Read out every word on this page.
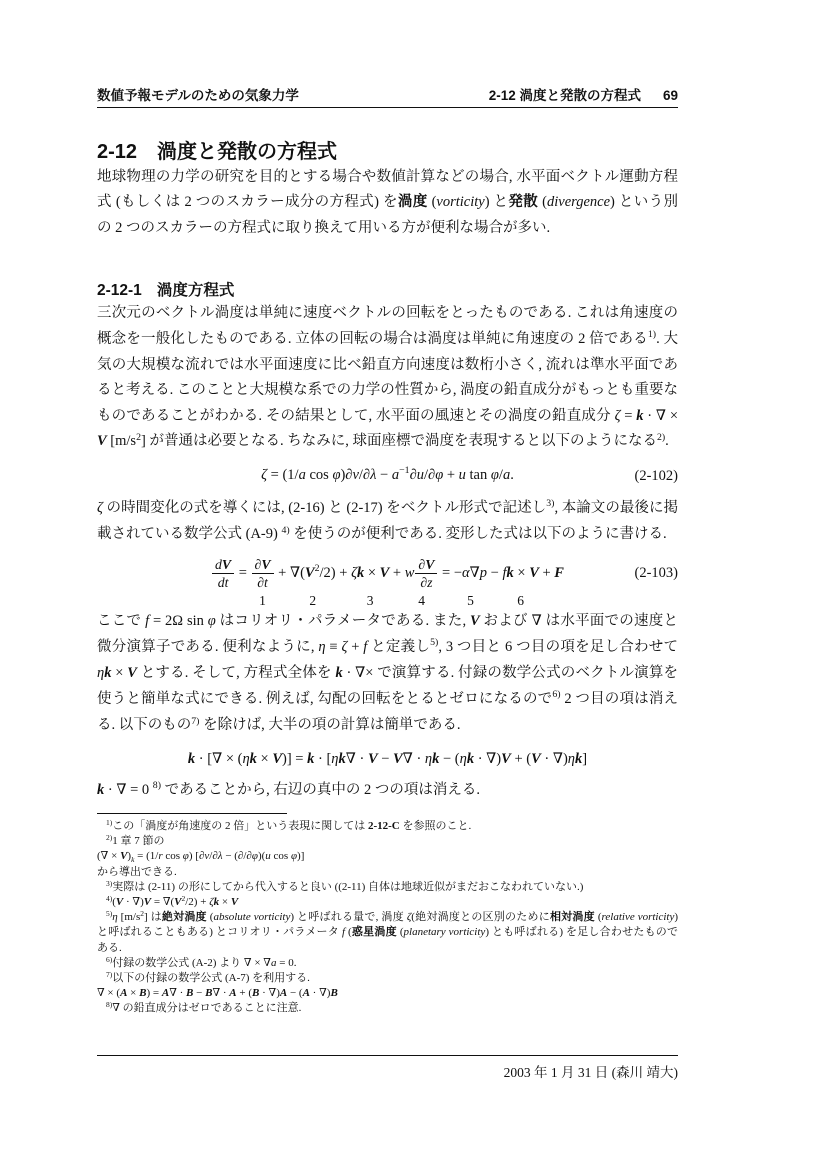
数値予報モデルのための気象力学	2-12 渦度と発散の方程式 69
2-12 渦度と発散の方程式

地球物理の力学の研究を目的とする場合や数値計算などの場合, 水平面ベクトル運動方程式 (もしくは 2 つのスカラー成分の方程式) を渦度 (vorticity) と発散 (divergence) という別の 2 つのスカラーの方程式に取り換えて用いる方が便利な場合が多い.

2-12-1 渦度方程式

三次元のベクトル渦度は単純に速度ベクトルの回転をとったものである. これは角速度の概念を一般化したものである. 立体の回転の場合は渦度は単純に角速度の 2 倍である$^{1)}$. 大気の大規模な流れでは水平面速度に比べ鉛直方向速度は数桁小さく, 流れは準水平面であると考える. このことと大規模な系での力学の性質から, 渦度の鉛直成分がもっとも重要なものであることがわかる. その結果として, 水平面の風速とその渦度の鉛直成分 ζ = k · ∇ × V $[m/s^2]$ が普通は必要となる. ちなみに, 球面座標で渦度を表現すると以下のようになる$^{2)}$.

ζ = (1/a $\cos \varphi)\partial v/\partial\lambda - a^{-1}\partial u/\partial\varphi + u$ tan φ/a.	(2-102)

ζ の時間変化の式を導くには, (2-16) と (2-17) をベクトル形式で記述し$^{3)}$, 本論文の最後に掲載されている数学公式 (A-9) $^{4)}$ を使うのが便利である. 変形した式は以下のように書ける.

(2-103)
$\frac{dV}{dt} = \frac{\partial V}{\partial t}$
1
+ ∇( V 2 /2)
2
+ ζ k × V
3
+ w $\frac{\partial V}{\partial z}$
4
= − α ∇ p
5
− f k × V
6
+ F

ここで f = 2Ω sin φ はコリオリ・パラメータである. また, V および ∇ は水平面での速度と微分演算子である. 便利なように, η ≡ ζ + f と定義し$^{5)}$, 3 つ目と 6 つ目の項を足し合わせて ηk × V とする. そして, 方程式全体を k · ∇× で演算する. 付録の数学公式のベクトル演算を使うと簡単な式にできる. 例えば, 勾配の回転をとるとゼロになるので$^{6)}$ 2 つ目の項は消える. 以下のもの$^{7)}$ を除けば, 大半の項の計算は簡単である.

k · [∇ × (ηk × V)] = k · [ηk∇ · V − V∇ · ηk − (ηk · ∇)V + (V · ∇)ηk]

k · ∇ = 0 $^{8)}$ であることから, 右辺の真中の 2 つの項は消える.

$^{1)}$この「渦度が角速度の 2 倍」という表現に関しては 2-12-C を参照のこと.

$^{2)}$1 章 7 節の

(∇ × $V)_k = (1/r$ cos φ) [∂v/∂λ − (∂/∂φ)(u cos φ)]

から導出できる.

$^{3)}$実際は (2-11) の形にしてから代入すると良い ((2-11) 自体は地球近似がまだおこなわれていない.)

$^{4)}(V \cdot \nabla)V = \nabla(V^2/2) + \zeta k \times V$

$^{5)}$η $[m/s^2]$ は絶対渦度 (absolute vorticity) と呼ばれる量で, 渦度 ζ(絶対渦度との区別のために相対渦度 (relative vorticity) と呼ばれることもある) とコリオリ・パラメータ f (惑星渦度 (planetary vorticity) とも呼ばれる) を足し合わせたものである.

$^{6)}$付録の数学公式 (A-2) より ∇ × ∇a = 0.

$^{7)}$以下の付録の数学公式 (A-7) を利用する.

∇ × (A × B) = A∇ · B − B∇ · A + (B · ∇)A − (A · ∇)B

$^{8)}$∇ の鉛直成分はゼロであることに注意.

2003 年 1 月 31 日 (森川 靖大)
